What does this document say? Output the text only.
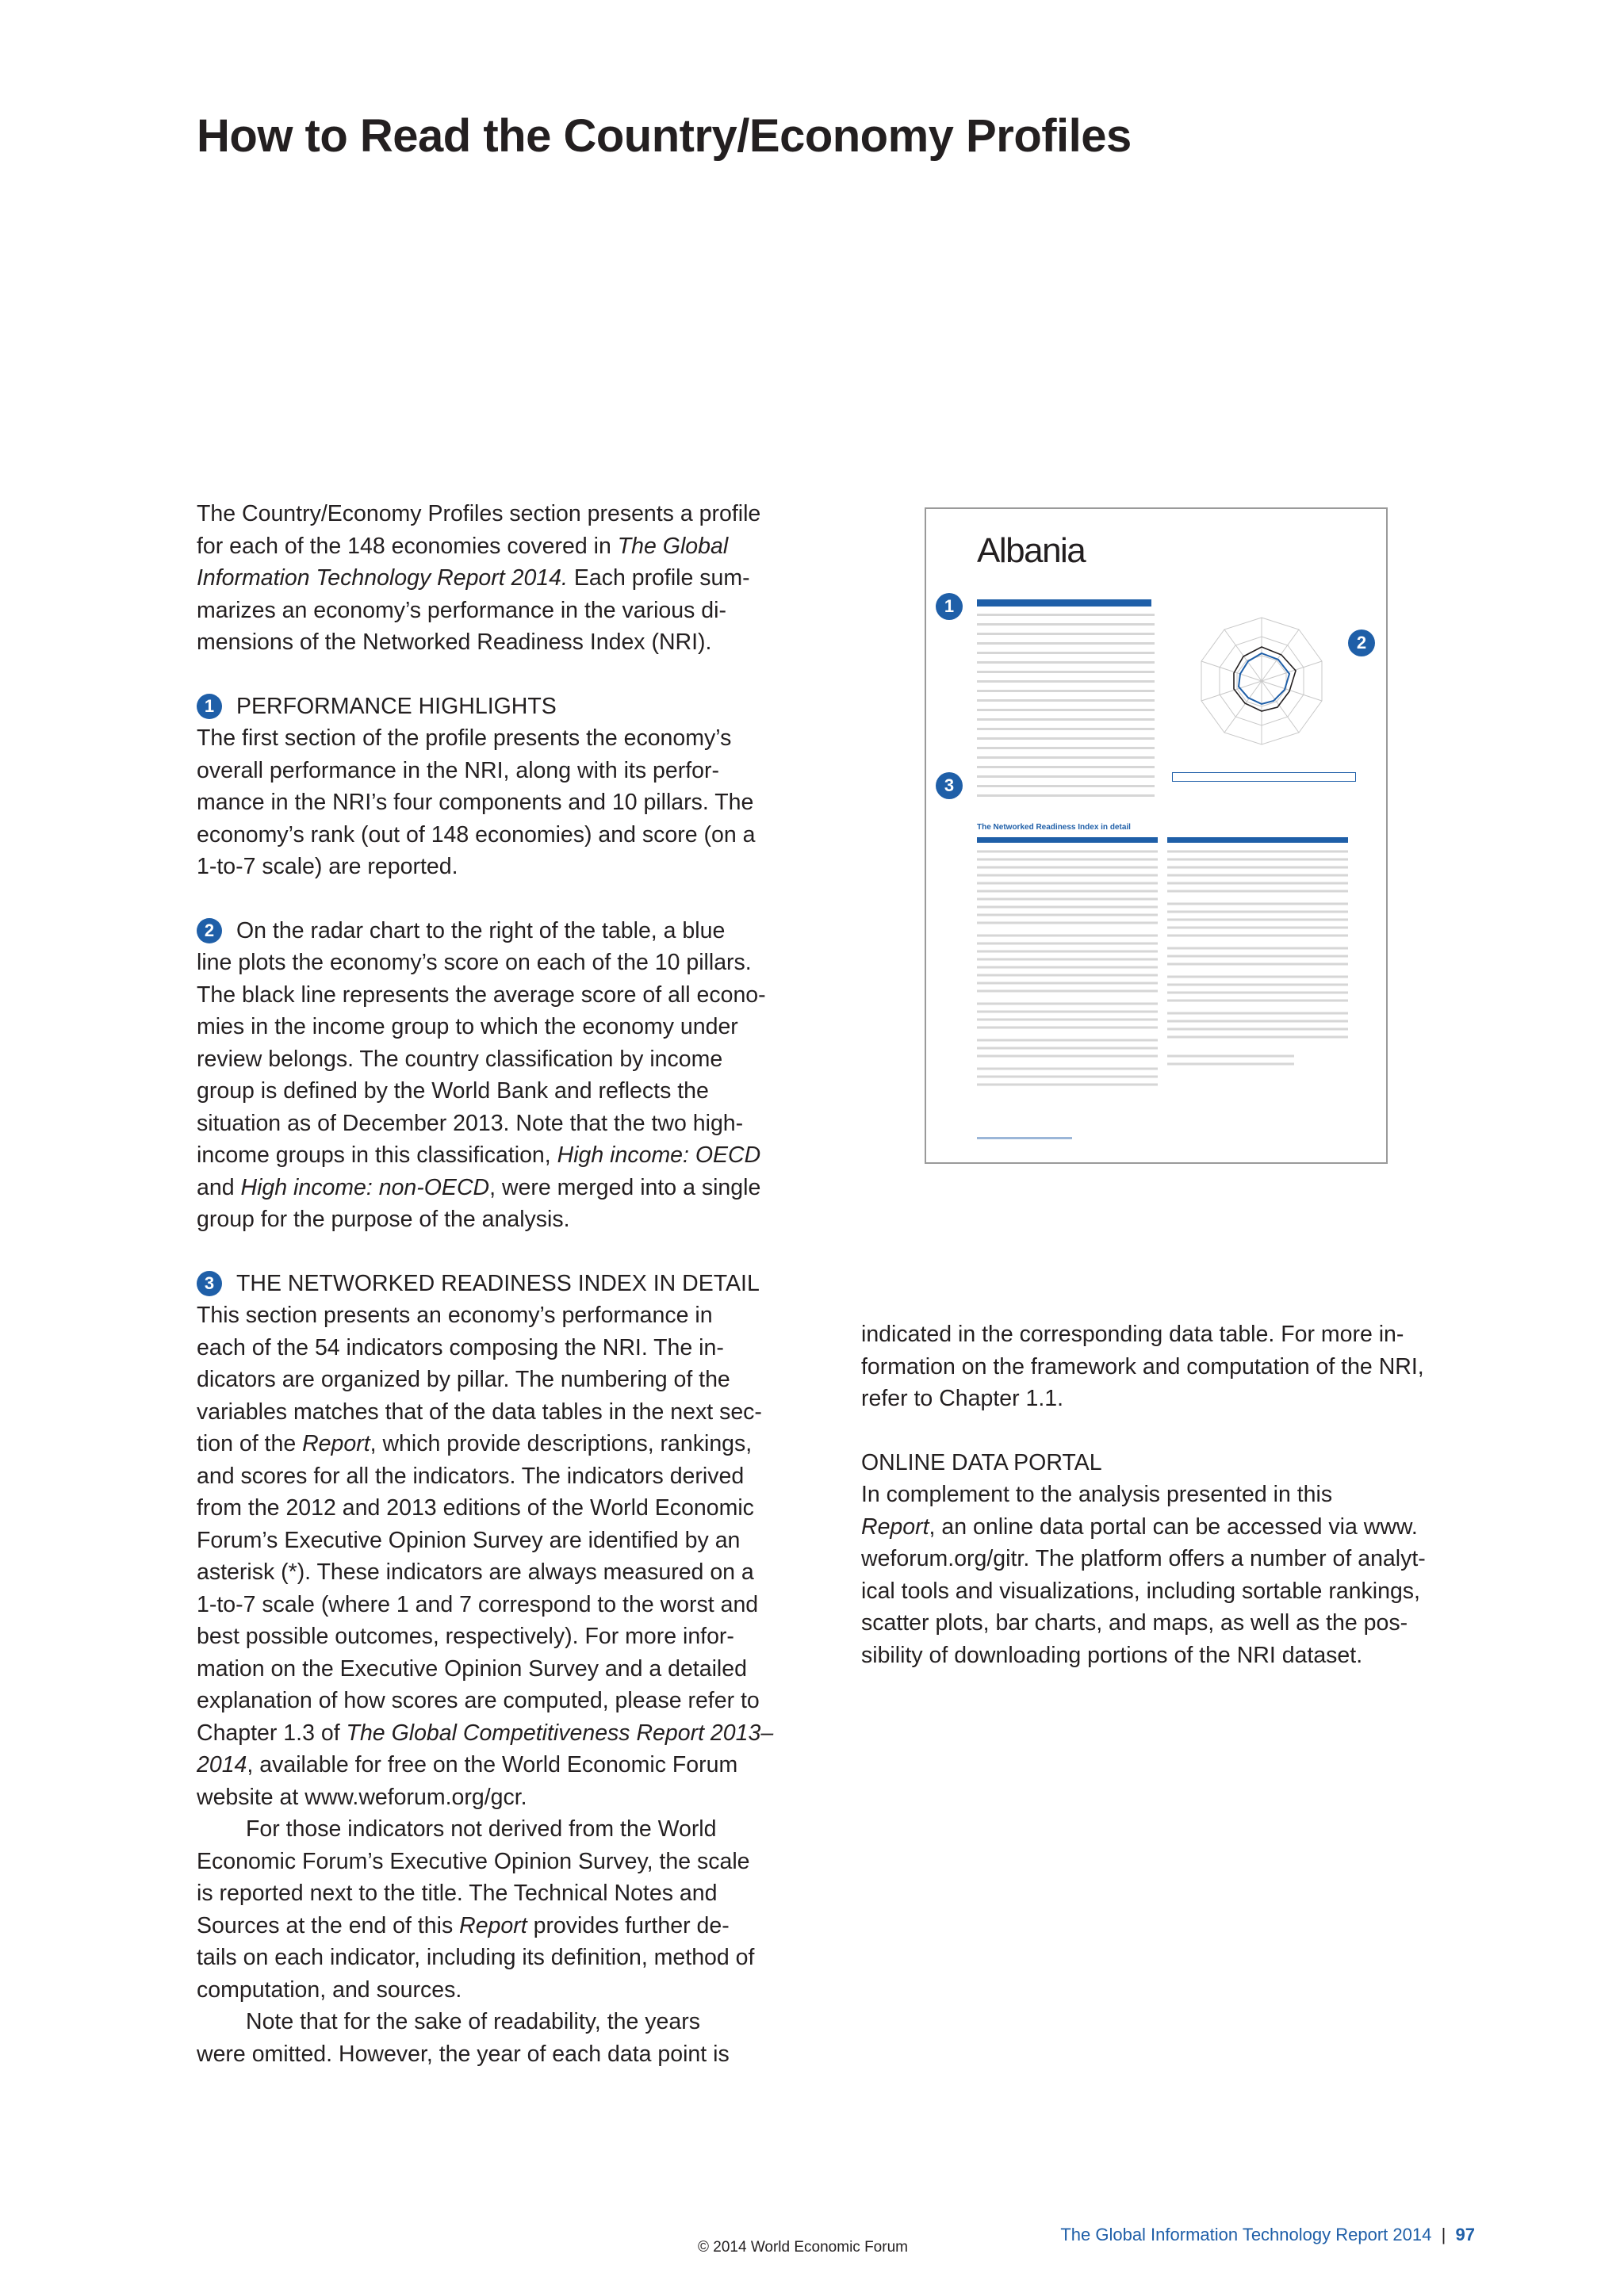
How to Read the Country/Economy Profiles

The Country/Economy Profiles section presents a profile

for each of the 148 economies covered in The Global

Information Technology Report 2014. Each profile sum-

marizes an economy’s performance in the various di-

mensions of the Networked Readiness Index (NRI).

1 PERFORMANCE HIGHLIGHTS

The first section of the profile presents the economy’s

overall performance in the NRI, along with its perfor-

mance in the NRI’s four components and 10 pillars. The

economy’s rank (out of 148 economies) and score (on a

1-to-7 scale) are reported.

2 On the radar chart to the right of the table, a blue

line plots the economy’s score on each of the 10 pillars.

The black line represents the average score of all econo-

mies in the income group to which the economy under

review belongs. The country classification by income

group is defined by the World Bank and reflects the

situation as of December 2013. Note that the two high-

income groups in this classification, High income: OECD

and High income: non-OECD, were merged into a single

group for the purpose of the analysis.

3 THE NETWORKED READINESS INDEX IN DETAIL

This section presents an economy’s performance in

each of the 54 indicators composing the NRI. The in-

dicators are organized by pillar. The numbering of the

variables matches that of the data tables in the next sec-

tion of the Report, which provide descriptions, rankings,

and scores for all the indicators. The indicators derived

from the 2012 and 2013 editions of the World Economic

Forum’s Executive Opinion Survey are identified by an

asterisk (*). These indicators are always measured on a

1-to-7 scale (where 1 and 7 correspond to the worst and

best possible outcomes, respectively). For more infor-

mation on the Executive Opinion Survey and a detailed

explanation of how scores are computed, please refer to

Chapter 1.3 of The Global Competitiveness Report 2013–

2014, available for free on the World Economic Forum

website at www.weforum.org/gcr.

For those indicators not derived from the World

Economic Forum’s Executive Opinion Survey, the scale

is reported next to the title. The Technical Notes and

Sources at the end of this Report provides further de-

tails on each indicator, including its definition, method of

computation, and sources.

Note that for the sake of readability, the years

were omitted. However, the year of each data point is

indicated in the corresponding data table. For more in-

formation on the framework and computation of the NRI,

refer to Chapter 1.1.

ONLINE DATA PORTAL

In complement to the analysis presented in this

Report, an online data portal can be accessed via www.

weforum.org/gitr. The platform offers a number of analyt-

ical tools and visualizations, including sortable rankings,

scatter plots, bar charts, and maps, as well as the pos-

sibility of downloading portions of the NRI dataset.

Albania
The Networked Readiness Index in detail
1
2
3
The Global Information Technology Report 2014 | 97
© 2014 World Economic Forum
